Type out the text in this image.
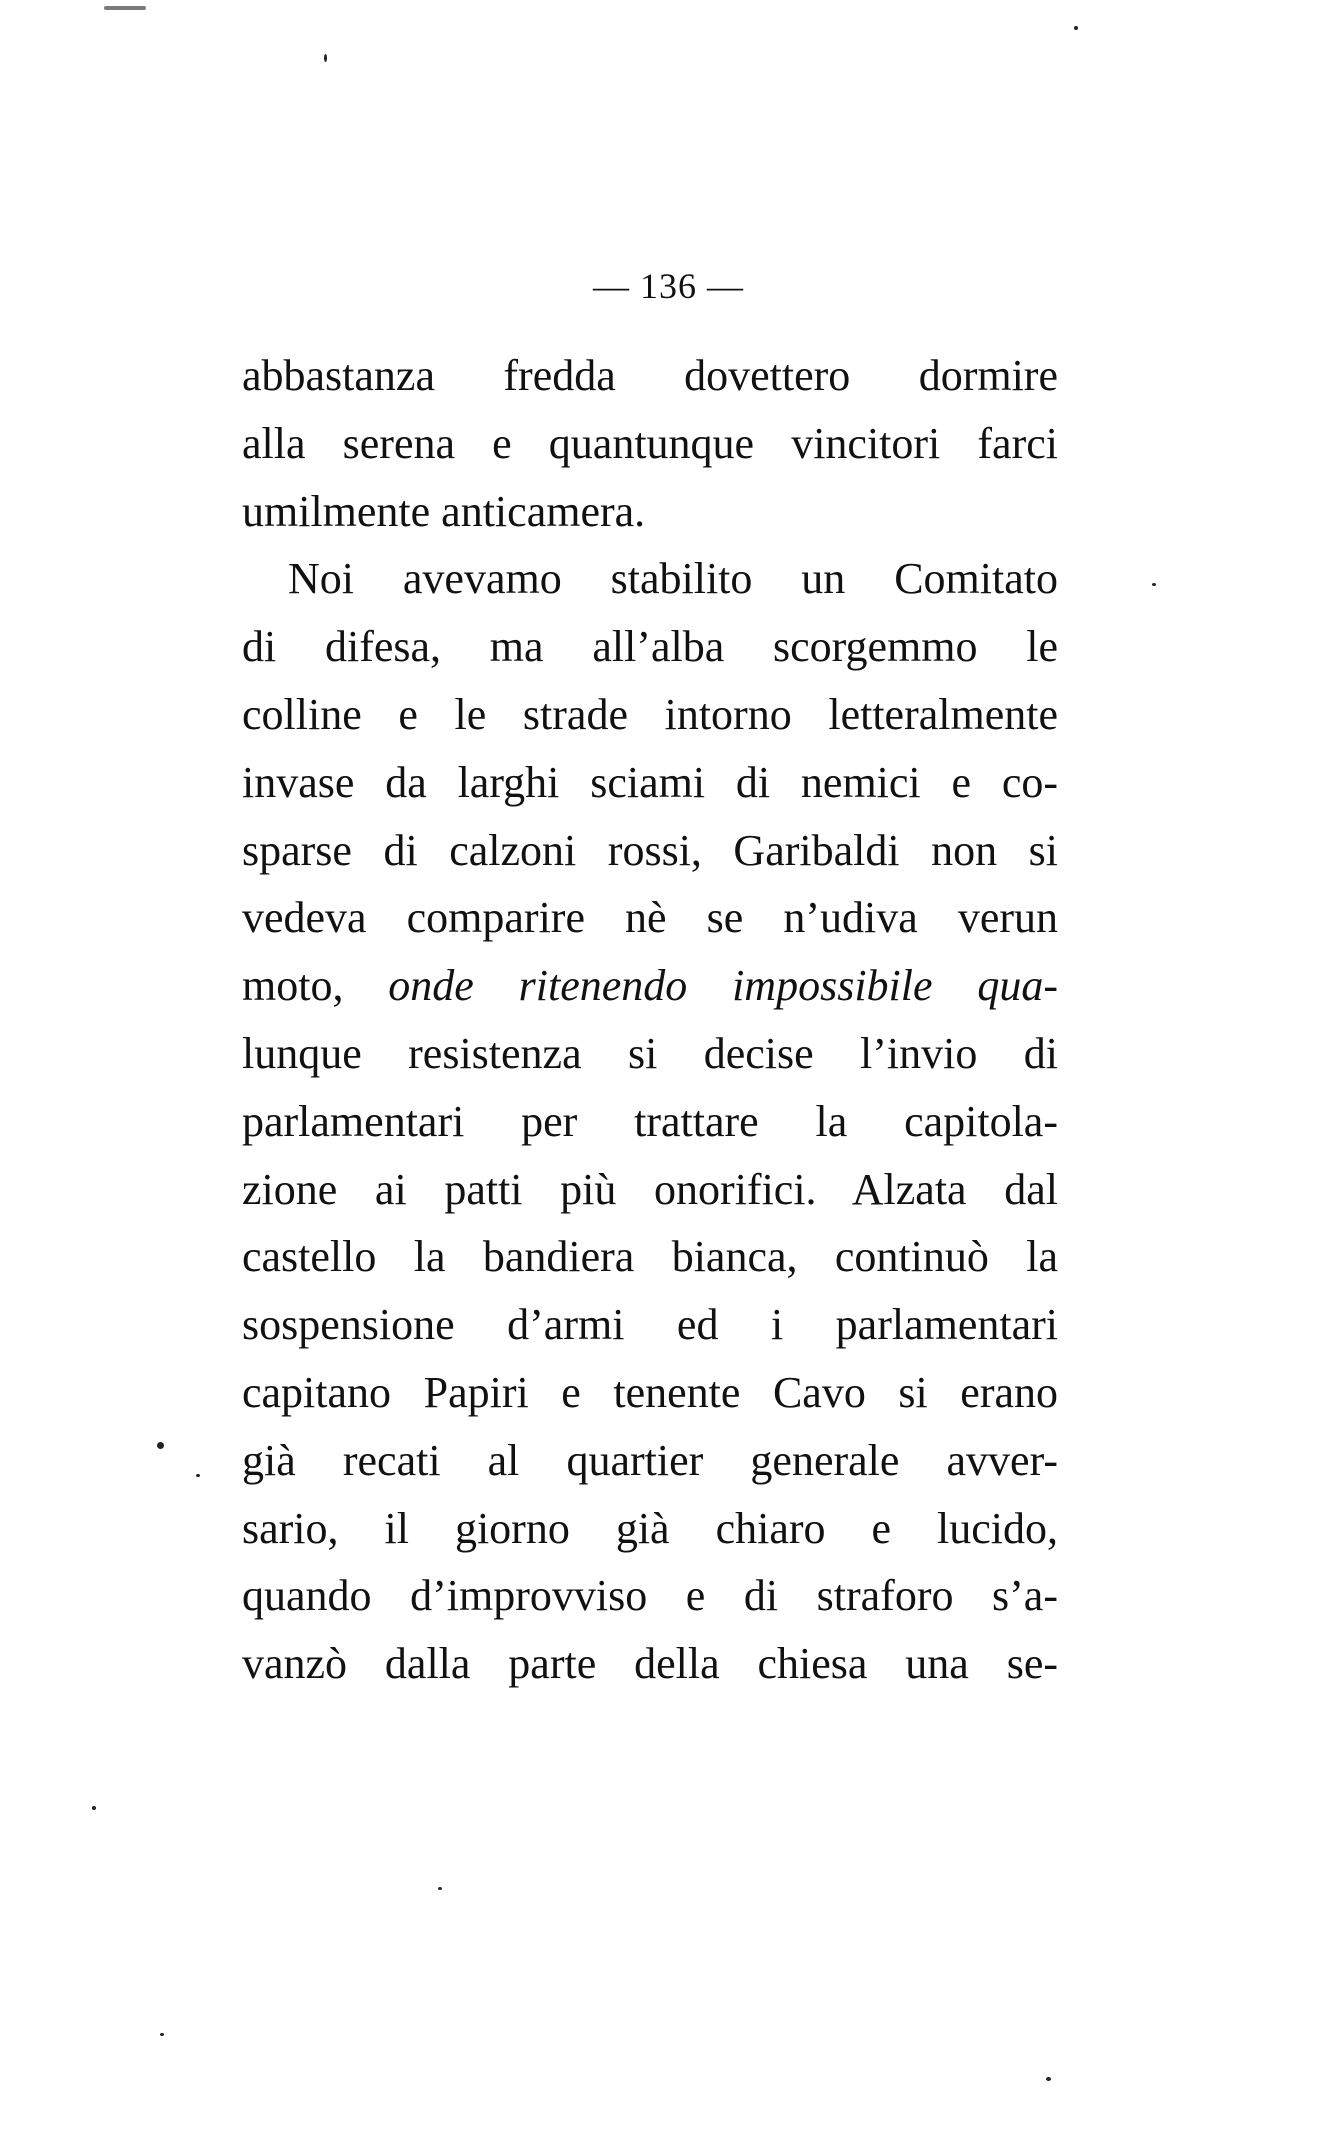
— 136 —
abbastanza fredda dovettero dormire
alla serena e quantunque vincitori farci
umilmente anticamera.
Noi avevamo stabilito un Comitato
di difesa, ma all’alba scorgemmo le
colline e le strade intorno letteralmente
invase da larghi sciami di nemici e co-
sparse di calzoni rossi, Garibaldi non si
vedeva comparire nè se n’udiva verun
moto, onde ritenendo impossibile qua-
lunque resistenza si decise l’invio di
parlamentari per trattare la capitola-
zione ai patti più onorifici. Alzata dal
castello la bandiera bianca, continuò la
sospensione d’armi ed i parlamentari
capitano Papiri e tenente Cavo si erano
già recati al quartier generale avver-
sario, il giorno già chiaro e lucido,
quando d’improvviso e di straforo s’a-
vanzò dalla parte della chiesa una se-
